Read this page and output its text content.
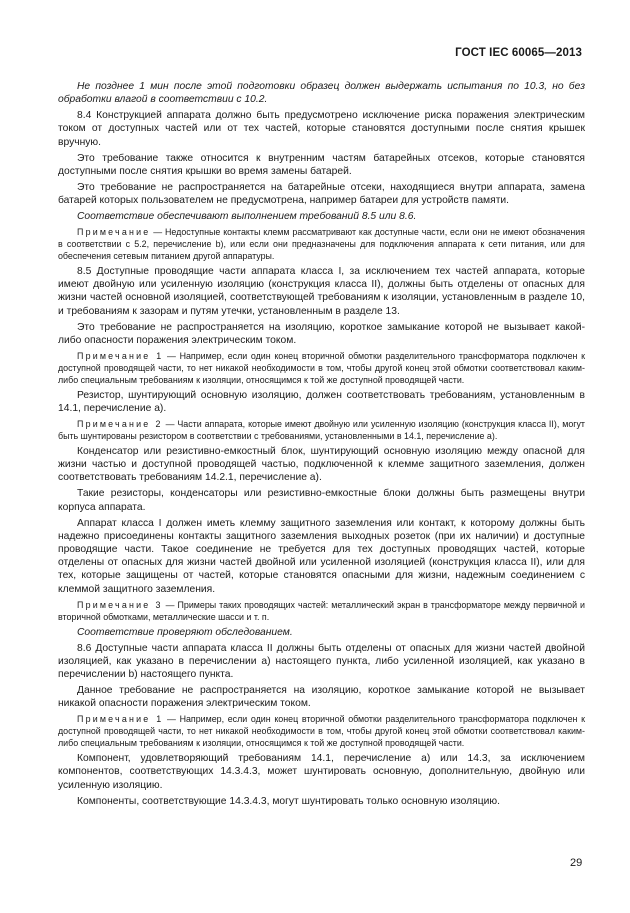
ГОСТ IEC 60065—2013

Не позднее 1 мин после этой подготовки образец должен выдержать испытания по 10.3, но без обработки влагой в соответствии с 10.2.

8.4 Конструкцией аппарата должно быть предусмотрено исключение риска поражения электрическим током от доступных частей или от тех частей, которые становятся доступными после снятия крышек вручную.

Это требование также относится к внутренним частям батарейных отсеков, которые становятся доступными после снятия крышки во время замены батарей.

Это требование не распространяется на батарейные отсеки, находящиеся внутри аппарата, замена батарей которых пользователем не предусмотрена, например батареи для устройств памяти.

Соответствие обеспечивают выполнением требований 8.5 или 8.6.

Примечание — Недоступные контакты клемм рассматривают как доступные части, если они не имеют обозначения в соответствии с 5.2, перечисление b), или если они предназначены для подключения аппарата к сети питания, или для обеспечения сетевым питанием другой аппаратуры.

8.5 Доступные проводящие части аппарата класса I, за исключением тех частей аппарата, которые имеют двойную или усиленную изоляцию (конструкция класса II), должны быть отделены от опасных для жизни частей основной изоляцией, соответствующей требованиям к изоляции, установленным в разделе 10, и требованиям к зазорам и путям утечки, установленным в разделе 13.

Это требование не распространяется на изоляцию, короткое замыкание которой не вызывает какой-либо опасности поражения электрическим током.

Примечание 1 — Например, если один конец вторичной обмотки разделительного трансформатора подключен к доступной проводящей части, то нет никакой необходимости в том, чтобы другой конец этой обмотки соответствовал каким-либо специальным требованиям к изоляции, относящимся к той же доступной проводящей части.

Резистор, шунтирующий основную изоляцию, должен соответствовать требованиям, установленным в 14.1, перечисление а).

Примечание 2 — Части аппарата, которые имеют двойную или усиленную изоляцию (конструкция класса II), могут быть шунтированы резистором в соответствии с требованиями, установленными в 14.1, перечисление а).

Конденсатор или резистивно-емкостный блок, шунтирующий основную изоляцию между опасной для жизни частью и доступной проводящей частью, подключенной к клемме защитного заземления, должен соответствовать требованиям 14.2.1, перечисление а).

Такие резисторы, конденсаторы или резистивно-емкостные блоки должны быть размещены внутри корпуса аппарата.

Аппарат класса I должен иметь клемму защитного заземления или контакт, к которому должны быть надежно присоединены контакты защитного заземления выходных розеток (при их наличии) и доступные проводящие части. Такое соединение не требуется для тех доступных проводящих частей, которые отделены от опасных для жизни частей двойной или усиленной изоляцией (конструкция класса II), или для тех, которые защищены от частей, которые становятся опасными для жизни, надежным соединением с клеммой защитного заземления.

Примечание 3 — Примеры таких проводящих частей: металлический экран в трансформаторе между первичной и вторичной обмотками, металлические шасси и т. п.

Соответствие проверяют обследованием.

8.6 Доступные части аппарата класса II должны быть отделены от опасных для жизни частей двойной изоляцией, как указано в перечислении а) настоящего пункта, либо усиленной изоляцией, как указано в перечислении b) настоящего пункта.

Данное требование не распространяется на изоляцию, короткое замыкание которой не вызывает никакой опасности поражения электрическим током.

Примечание 1 — Например, если один конец вторичной обмотки разделительного трансформатора подключен к доступной проводящей части, то нет никакой необходимости в том, чтобы другой конец этой обмотки соответствовал каким-либо специальным требованиям к изоляции, относящимся к той же доступной проводящей части.

Компонент, удовлетворяющий требованиям 14.1, перечисление а) или 14.3, за исключением компонентов, соответствующих 14.3.4.3, может шунтировать основную, дополнительную, двойную или усиленную изоляцию.

Компоненты, соответствующие 14.3.4.3, могут шунтировать только основную изоляцию.

29
